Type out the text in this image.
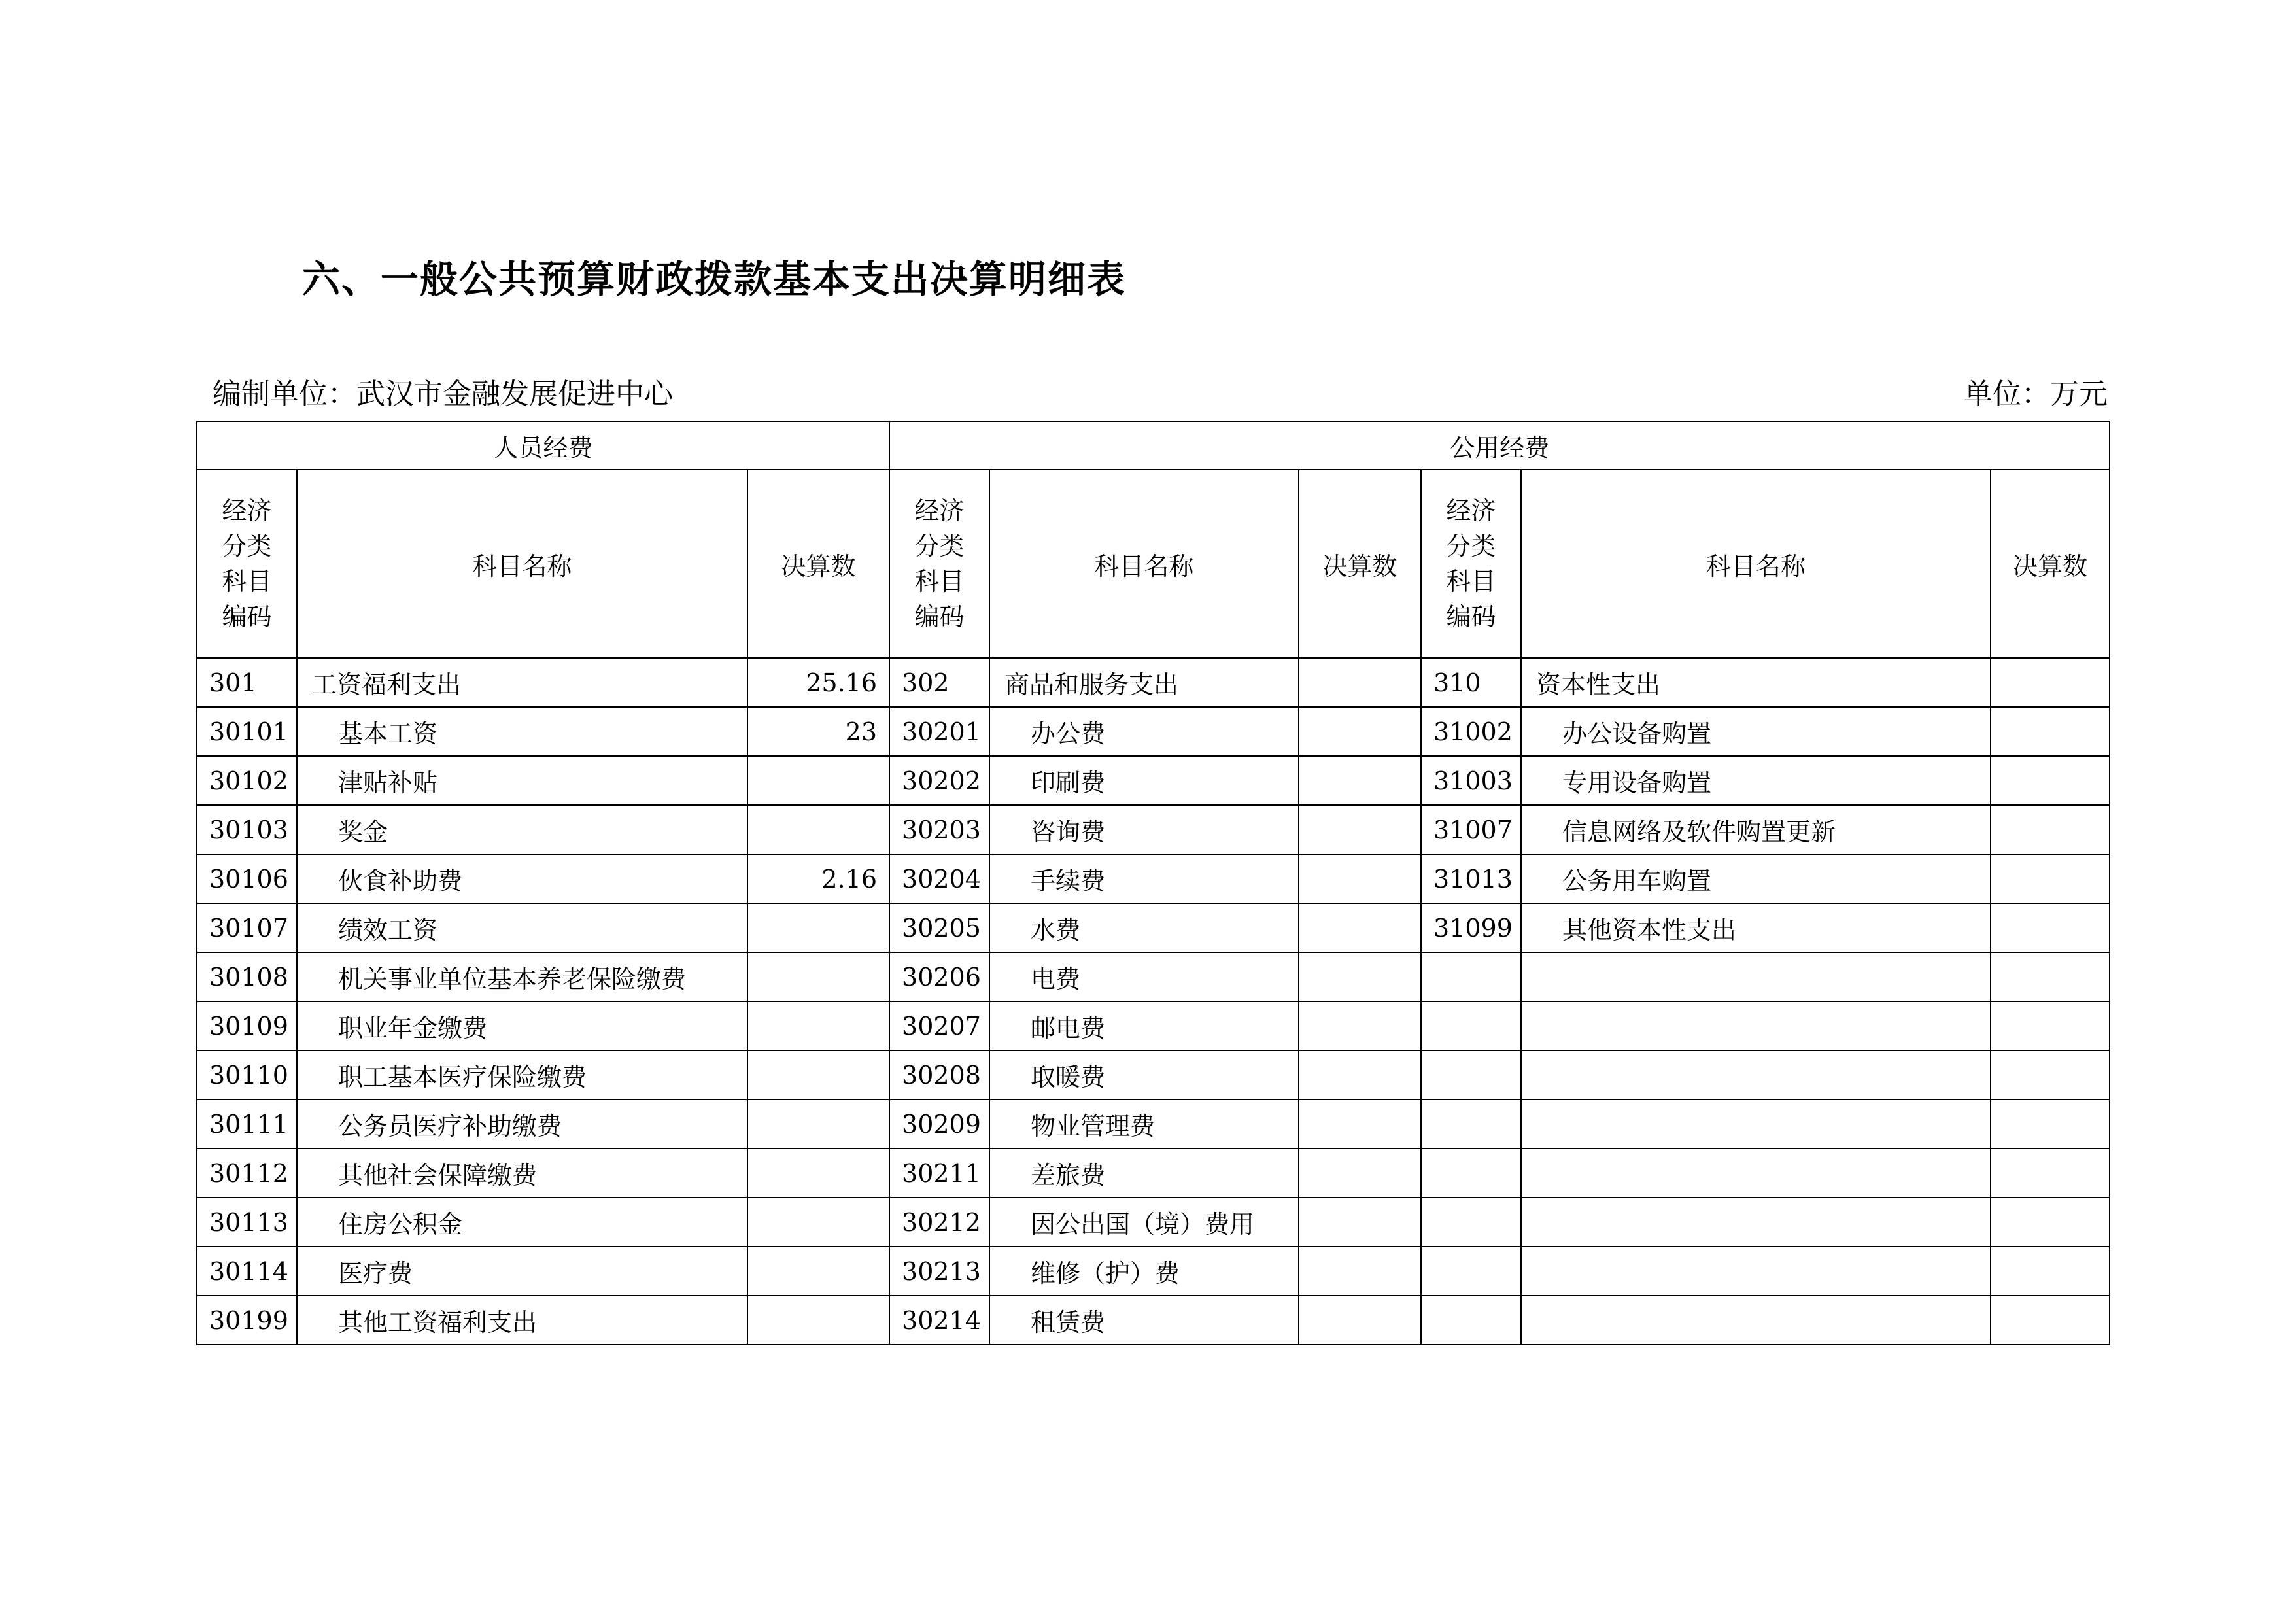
六、一般公共预算财政拨款基本支出决算明细表
编制单位：武汉市金融发展促进中心	单位：万元
人员经费			公用经费					
经济
分类
科目
编码	科目名称	决算数	经济
分类
科目
编码	科目名称	决算数	经济
分类
科目
编码	科目名称	决算数
301	工资福利支出	25.16	302	商品和服务支出		310	资本性支出	
30101	基本工资	23	30201	办公费		31002	办公设备购置	
30102	津贴补贴		30202	印刷费		31003	专用设备购置	
30103	奖金		30203	咨询费		31007	信息网络及软件购置更新	
30106	伙食补助费	2.16	30204	手续费		31013	公务用车购置	
30107	绩效工资		30205	水费		31099	其他资本性支出	
30108	机关事业单位基本养老保险缴费		30206	电费				
30109	职业年金缴费		30207	邮电费				
30110	职工基本医疗保险缴费		30208	取暖费				
30111	公务员医疗补助缴费		30209	物业管理费				
30112	其他社会保障缴费		30211	差旅费				
30113	住房公积金		30212	因公出国（境）费用				
30114	医疗费		30213	维修（护）费				
30199	其他工资福利支出		30214	租赁费				
